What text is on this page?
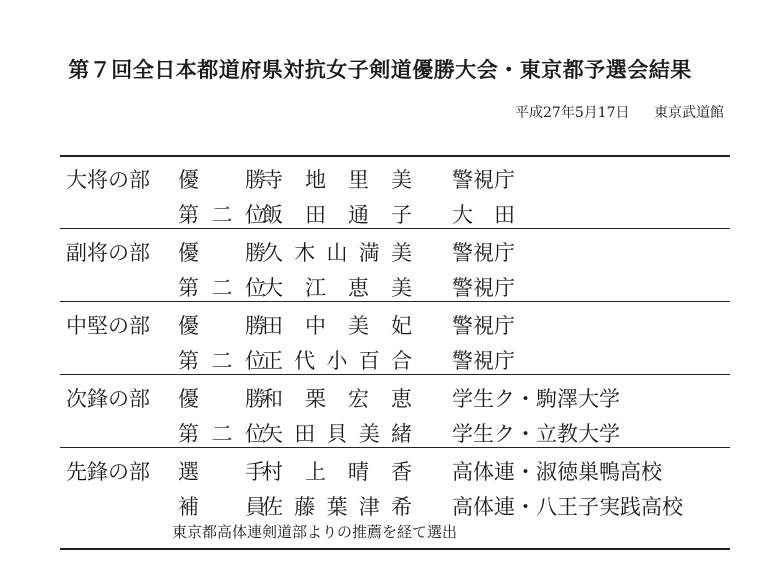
第７回全日本都道府県対抗女子剣道優勝大会・東京都予選会結果
平成27年5月17日 東京武道館
大将の部 優勝
寺地里美 警視庁
第二位
飯田通子 大　田
副将の部 優勝
久木山満美 警視庁
第二位
大江恵美 警視庁
中堅の部 優勝
田中美妃 警視庁
第二位
正代小百合 警視庁
次鋒の部 優勝
和栗宏恵 学生ク・駒澤大学
第二位
矢田貝美緒 学生ク・立教大学
先鋒の部 選手
村上晴香 高体連・淑徳巣鴨高校
補員
佐藤葉津希 高体連・八王子実践高校
東京都高体連剣道部よりの推薦を経て選出
